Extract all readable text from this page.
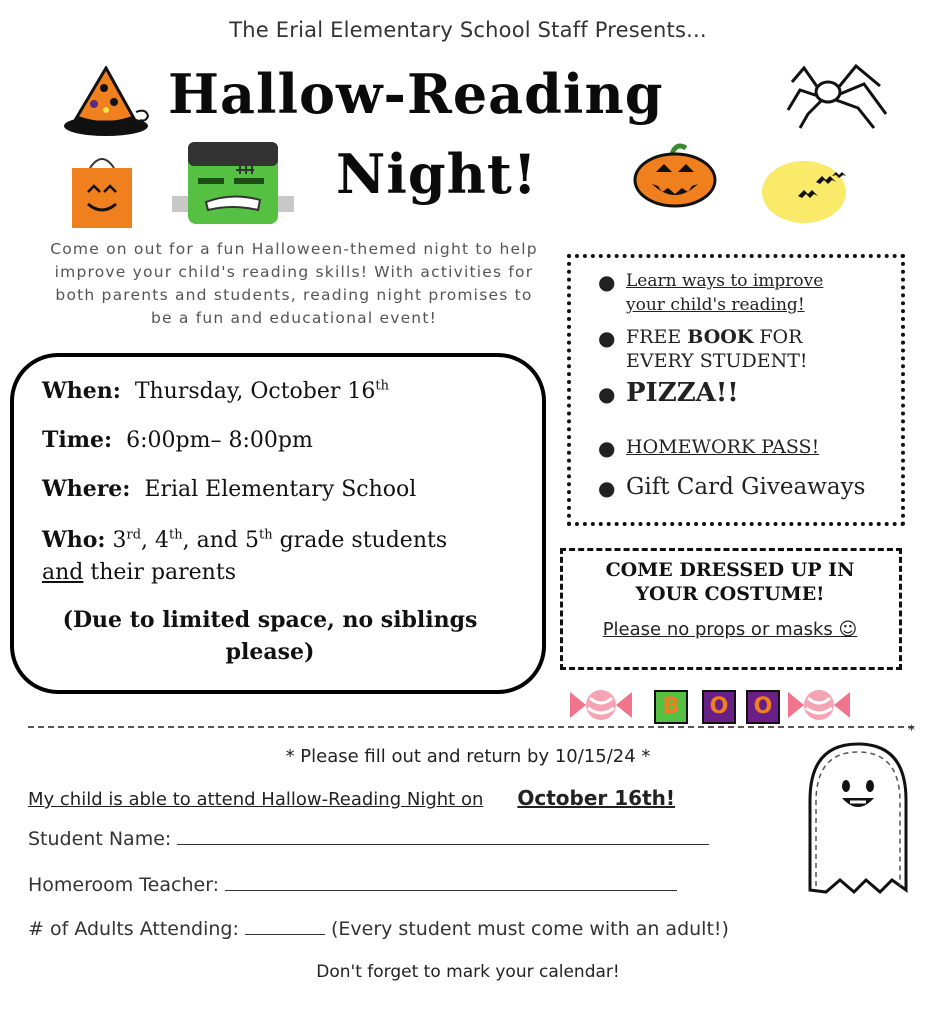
The Erial Elementary School Staff Presents...
Hallow-Reading
Night!
Come on out for a fun Halloween-themed night to help improve your child's reading skills! With activities for both parents and students, reading night promises to be a fun and educational event!
When: Thursday, October 16th
Time: 6:00pm– 8:00pm
Where: Erial Elementary School
Who: 3rd, 4th, and 5th grade students
and their parents
(Due to limited space, no siblings please)
● Learn ways to improve
your child's reading!
● FREE BOOK FOR
EVERY STUDENT!
● PIZZA!!
● HOMEWORK PASS!
● Gift Card Giveaways
COME DRESSED UP IN
YOUR COSTUME!
Please no props or masks ☺
B	O	O
*
* Please fill out and return by 10/15/24 *
My child is able to attend Hallow-Reading Night on October 16th!
Student Name:
Homeroom Teacher:
# of Adults Attending:	(Every student must come with an adult!)
Don't forget to mark your calendar!
